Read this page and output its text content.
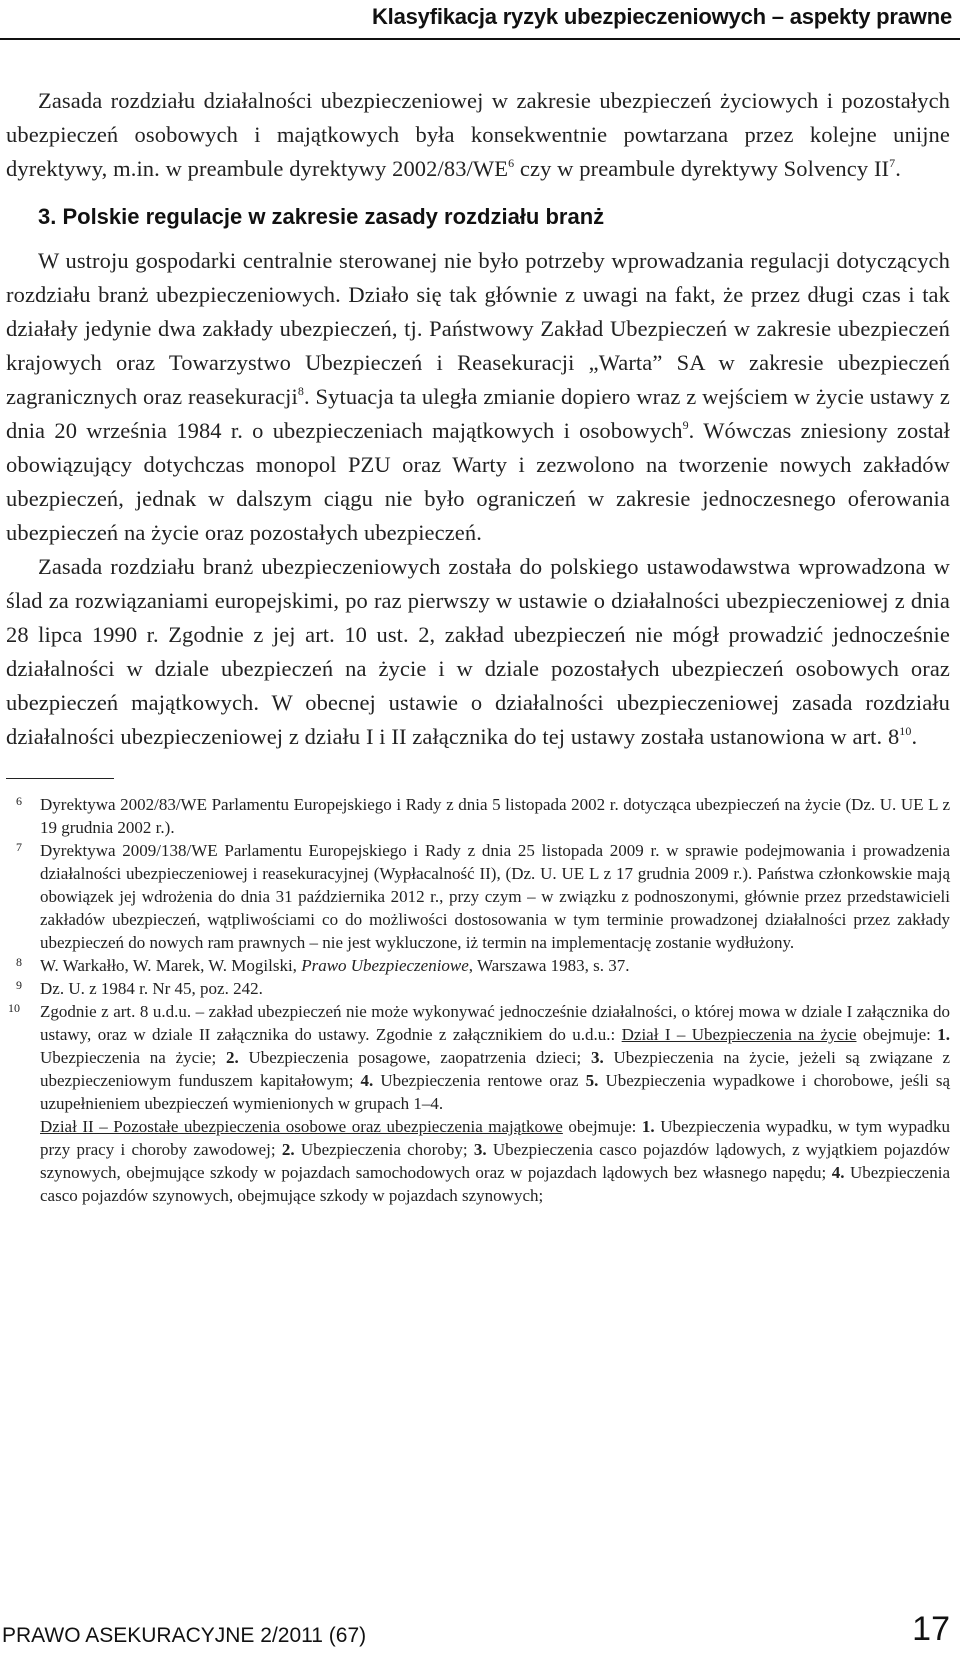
Klasyfikacja ryzyk ubezpieczeniowych – aspekty prawne

Zasada rozdziału działalności ubezpieczeniowej w zakresie ubezpieczeń życiowych i pozostałych ubezpieczeń osobowych i majątkowych była konsekwentnie powtarzana przez kolejne unijne dyrektywy, m.in. w preambule dyrektywy $2002/83/WE^6$ czy w preambule dyrektywy Solvency $II^7$.

3. Polskie regulacje w zakresie zasady rozdziału branż

W ustroju gospodarki centralnie sterowanej nie było potrzeby wprowadzania regulacji dotyczących rozdziału branż ubezpieczeniowych. Działo się tak głównie z uwagi na fakt, że przez długi czas i tak działały jedynie dwa zakłady ubezpieczeń, tj. Państwowy Zakład Ubezpieczeń w zakresie ubezpieczeń krajowych oraz Towarzystwo Ubezpieczeń i Reasekuracji „Warta” SA w zakresie ubezpieczeń zagranicznych oraz reasekuracji$^8$. Sytuacja ta uległa zmianie dopiero wraz z wejściem w życie ustawy z dnia 20 września 1984 r. o ubezpieczeniach majątkowych i osobowych$^9$. Wówczas zniesiony został obowiązujący dotychczas monopol PZU oraz Warty i zezwolono na tworzenie nowych zakładów ubezpieczeń, jednak w dalszym ciągu nie było ograniczeń w zakresie jednoczesnego oferowania ubezpieczeń na życie oraz pozostałych ubezpieczeń.

Zasada rozdziału branż ubezpieczeniowych została do polskiego ustawodawstwa wprowadzona w ślad za rozwiązaniami europejskimi, po raz pierwszy w ustawie o działalności ubezpieczeniowej z dnia 28 lipca 1990 r. Zgodnie z jej art. 10 ust. 2, zakład ubezpieczeń nie mógł prowadzić jednocześnie działalności w dziale ubezpieczeń na życie i w dziale pozostałych ubezpieczeń osobowych oraz ubezpieczeń majątkowych. W obecnej ustawie o działalności ubezpieczeniowej zasada rozdziału działalności ubezpieczeniowej z działu I i II załącznika do tej ustawy została ustanowiona w art. $8^{10}$.

6 Dyrektywa 2002/83/WE Parlamentu Europejskiego i Rady z dnia 5 listopada 2002 r. dotycząca ubezpieczeń na życie (Dz. U. UE L z 19 grudnia 2002 r.).

7 Dyrektywa 2009/138/WE Parlamentu Europejskiego i Rady z dnia 25 listopada 2009 r. w sprawie podejmowania i prowadzenia działalności ubezpieczeniowej i reasekuracyjnej (Wypłacalność II), (Dz. U. UE L z 17 grudnia 2009 r.). Państwa członkowskie mają obowiązek jej wdrożenia do dnia 31 października 2012 r., przy czym – w związku z podnoszonymi, głównie przez przedstawicieli zakładów ubezpieczeń, wątpliwościami co do możliwości dostosowania w tym terminie prowadzonej działalności przez zakłady ubezpieczeń do nowych ram prawnych – nie jest wykluczone, iż termin na implementację zostanie wydłużony.

8 W. Warkałło, W. Marek, W. Mogilski, Prawo Ubezpieczeniowe, Warszawa 1983, s. 37.

9 Dz. U. z 1984 r. Nr 45, poz. 242.

10 Zgodnie z art. 8 u.d.u. – zakład ubezpieczeń nie może wykonywać jednocześnie działalności, o której mowa w dziale I załącznika do ustawy, oraz w dziale II załącznika do ustawy. Zgodnie z załącznikiem do u.d.u.: Dział I – Ubezpieczenia na życie obejmuje: 1. Ubezpieczenia na życie; 2. Ubezpieczenia posagowe, zaopatrzenia dzieci; 3. Ubezpieczenia na życie, jeżeli są związane z ubezpieczeniowym funduszem kapitałowym; 4. Ubezpieczenia rentowe oraz 5. Ubezpieczenia wypadkowe i chorobowe, jeśli są uzupełnieniem ubezpieczeń wymienionych w grupach 1–4.

Dział II – Pozostałe ubezpieczenia osobowe oraz ubezpieczenia majątkowe obejmuje: 1. Ubezpieczenia wypadku, w tym wypadku przy pracy i choroby zawodowej; 2. Ubezpieczenia choroby; 3. Ubezpieczenia casco pojazdów lądowych, z wyjątkiem pojazdów szynowych, obejmujące szkody w pojazdach samochodowych oraz w pojazdach lądowych bez własnego napędu; 4. Ubezpieczenia casco pojazdów szynowych, obejmujące szkody w pojazdach szynowych;

PRAWO ASEKURACYJNE 2/2011 (67)	17
